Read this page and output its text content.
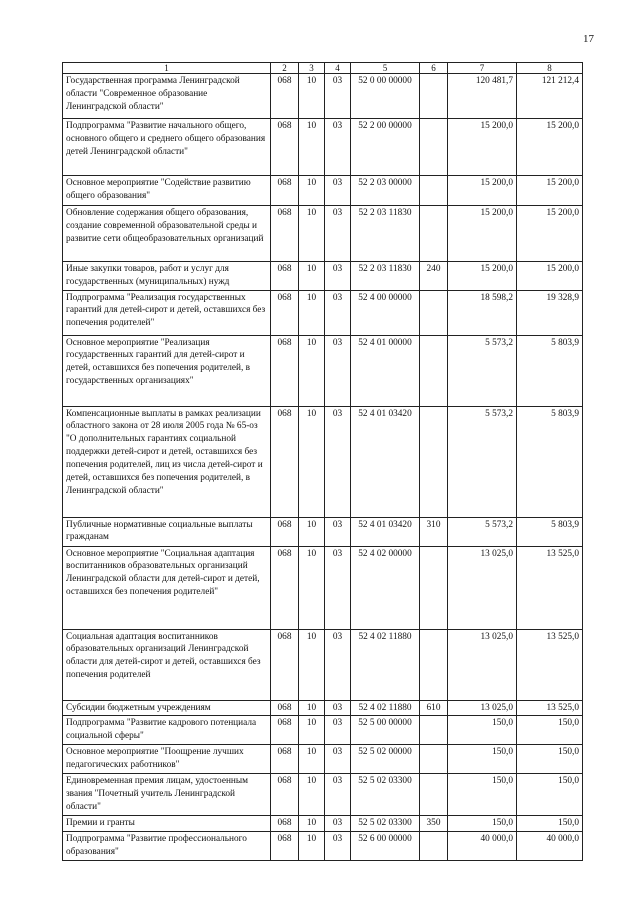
17
1	2	3	4	5	6	7	8
Государственная программа Ленинградской области "Современное образование Ленинградской области"	068	10	03	52 0 00 00000		120 481,7	121 212,4
Подпрограмма "Развитие начального общего, основного общего и среднего общего образования детей Ленинградской области"	068	10	03	52 2 00 00000		15 200,0	15 200,0
Основное мероприятие "Содействие развитию общего образования"	068	10	03	52 2 03 00000		15 200,0	15 200,0
Обновление содержания общего образования, создание современной образовательной среды и развитие сети общеобразовательных организаций	068	10	03	52 2 03 11830		15 200,0	15 200,0
Иные закупки товаров, работ и услуг для государственных (муниципальных) нужд	068	10	03	52 2 03 11830	240	15 200,0	15 200,0
Подпрограмма "Реализация государственных гарантий для детей-сирот и детей, оставшихся без попечения родителей"	068	10	03	52 4 00 00000		18 598,2	19 328,9
Основное мероприятие "Реализация государственных гарантий для детей-сирот и детей, оставшихся без попечения родителей, в государственных организациях"	068	10	03	52 4 01 00000		5 573,2	5 803,9
Компенсационные выплаты в рамках реализации областного закона от 28 июля 2005 года № 65-оз "О дополнительных гарантиях социальной поддержки детей-сирот и детей, оставшихся без попечения родителей, лиц из числа детей-сирот и детей, оставшихся без попечения родителей, в Ленинградской области"	068	10	03	52 4 01 03420		5 573,2	5 803,9
Публичные нормативные социальные выплаты гражданам	068	10	03	52 4 01 03420	310	5 573,2	5 803,9
Основное мероприятие "Социальная адаптация воспитанников образовательных организаций Ленинградской области для детей-сирот и детей, оставшихся без попечения родителей"	068	10	03	52 4 02 00000		13 025,0	13 525,0
Социальная адаптация воспитанников образовательных организаций Ленинградской области для детей-сирот и детей, оставшихся без попечения родителей	068	10	03	52 4 02 11880		13 025,0	13 525,0
Субсидии бюджетным учреждениям	068	10	03	52 4 02 11880	610	13 025,0	13 525,0
Подпрограмма "Развитие кадрового потенциала социальной сферы"	068	10	03	52 5 00 00000		150,0	150,0
Основное мероприятие "Поощрение лучших педагогических работников"	068	10	03	52 5 02 00000		150,0	150,0
Единовременная премия лицам, удостоенным звания "Почетный учитель Ленинградской области"	068	10	03	52 5 02 03300		150,0	150,0
Премии и гранты	068	10	03	52 5 02 03300	350	150,0	150,0
Подпрограмма "Развитие профессионального образования"	068	10	03	52 6 00 00000		40 000,0	40 000,0
